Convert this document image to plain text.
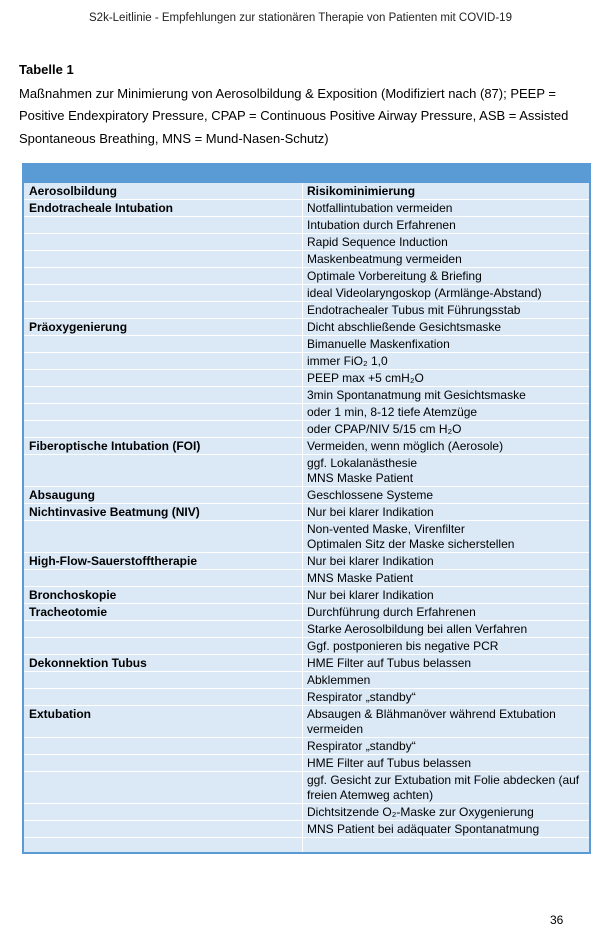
S2k-Leitlinie - Empfehlungen zur stationären Therapie von Patienten mit COVID-19
Tabelle 1
Maßnahmen zur Minimierung von Aerosolbildung & Exposition (Modifiziert nach (87); PEEP = Positive Endexpiratory Pressure, CPAP = Continuous Positive Airway Pressure, ASB = Assisted Spontaneous Breathing, MNS = Mund-Nasen-Schutz)
Aerosolbildung	Risikominimierung
Endotracheale Intubation	Notfallintubation vermeiden
Intubation durch Erfahrenen
Rapid Sequence Induction
Maskenbeatmung vermeiden
Optimale Vorbereitung & Briefing
ideal Videolaryngoskop (Armlänge-Abstand)
Endotrachealer Tubus mit Führungsstab
Präoxygenierung	Dicht abschließende Gesichtsmaske
Bimanuelle Maskenfixation
immer FiO₂ 1,0
PEEP max +5 cmH₂O
3min Spontanatmung mit Gesichtsmaske
oder 1 min, 8-12 tiefe Atemzüge
oder CPAP/NIV 5/15 cm H₂O
Fiberoptische Intubation (FOI)	Vermeiden, wenn möglich (Aerosole)
ggf. Lokalanästhesie
MNS Maske Patient
Absaugung	Geschlossene Systeme
Nichtinvasive Beatmung (NIV)	Nur bei klarer Indikation
Non-vented Maske, Virenfilter
Optimalen Sitz der Maske sicherstellen
High-Flow-Sauerstofftherapie	Nur bei klarer Indikation
MNS Maske Patient
Bronchoskopie	Nur bei klarer Indikation
Tracheotomie	Durchführung durch Erfahrenen
Starke Aerosolbildung bei allen Verfahren
Ggf. postponieren bis negative PCR
Dekonnektion Tubus	HME Filter auf Tubus belassen
Abklemmen
Respirator „standby“
Extubation	Absaugen & Blähmanöver während Extubation vermeiden
Respirator „standby“
HME Filter auf Tubus belassen
ggf. Gesicht zur Extubation mit Folie abdecken (auf freien Atemweg achten)
Dichtsitzende O₂-Maske zur Oxygenierung
MNS Patient bei adäquater Spontanatmung
36
